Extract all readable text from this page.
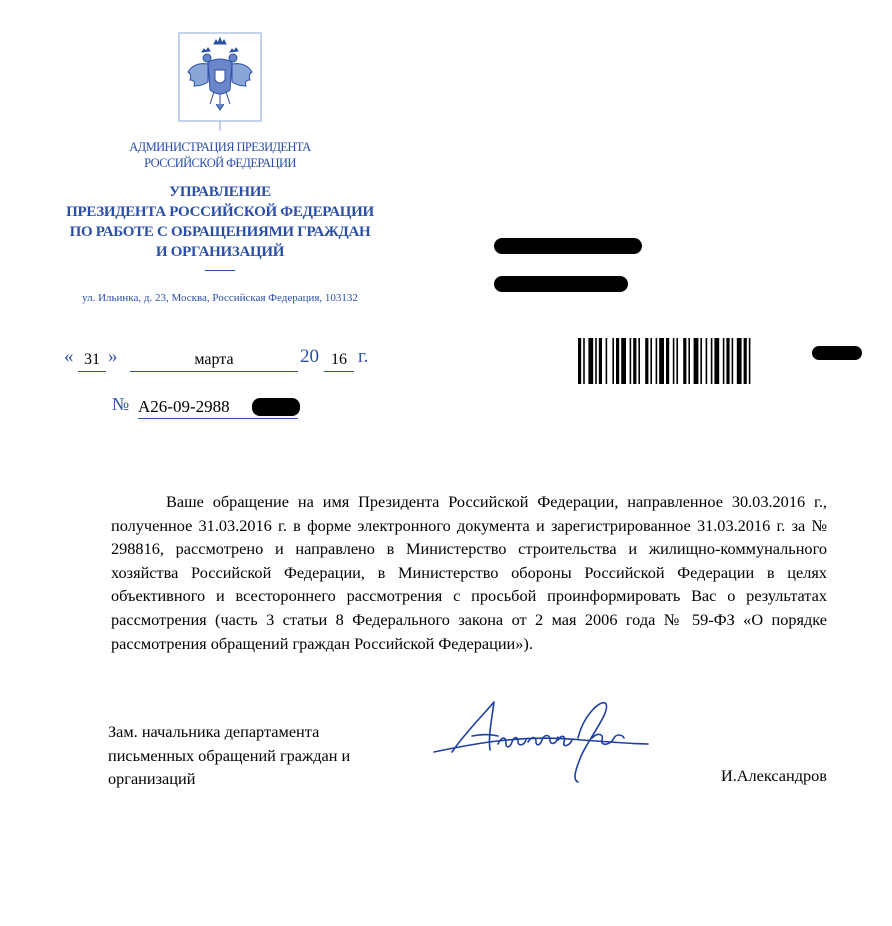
АДМИНИСТРАЦИЯ ПРЕЗИДЕНТА
РОССИЙСКОЙ ФЕДЕРАЦИИ
УПРАВЛЕНИЕ
ПРЕЗИДЕНТА РОССИЙСКОЙ ФЕДЕРАЦИИ
ПО РАБОТЕ С ОБРАЩЕНИЯМИ ГРАЖДАН
И ОРГАНИЗАЦИЙ
ул. Ильинка, д. 23, Москва, Российская Федерация, 103132
« 31 »	марта	20 16 г.
№ А26-09-2988

Ваше обращение на имя Президента Российской Федерации, направленное 30.03.2016 г., полученное 31.03.2016 г. в форме электронного документа и зарегистрированное 31.03.2016 г. за № 298816, рассмотрено и направлено в Министерство строительства и жилищно-коммунального хозяйства Российской Федерации, в Министерство обороны Российской Федерации в целях объективного и всестороннего рассмотрения с просьбой проинформировать Вас о результатах рассмотрения (часть 3 статьи 8 Федерального закона от 2 мая 2006 года № 59-ФЗ «О порядке рассмотрения обращений граждан Российской Федерации»).

Зам. начальника департамента
письменных обращений граждан и
организаций	И.Александров
